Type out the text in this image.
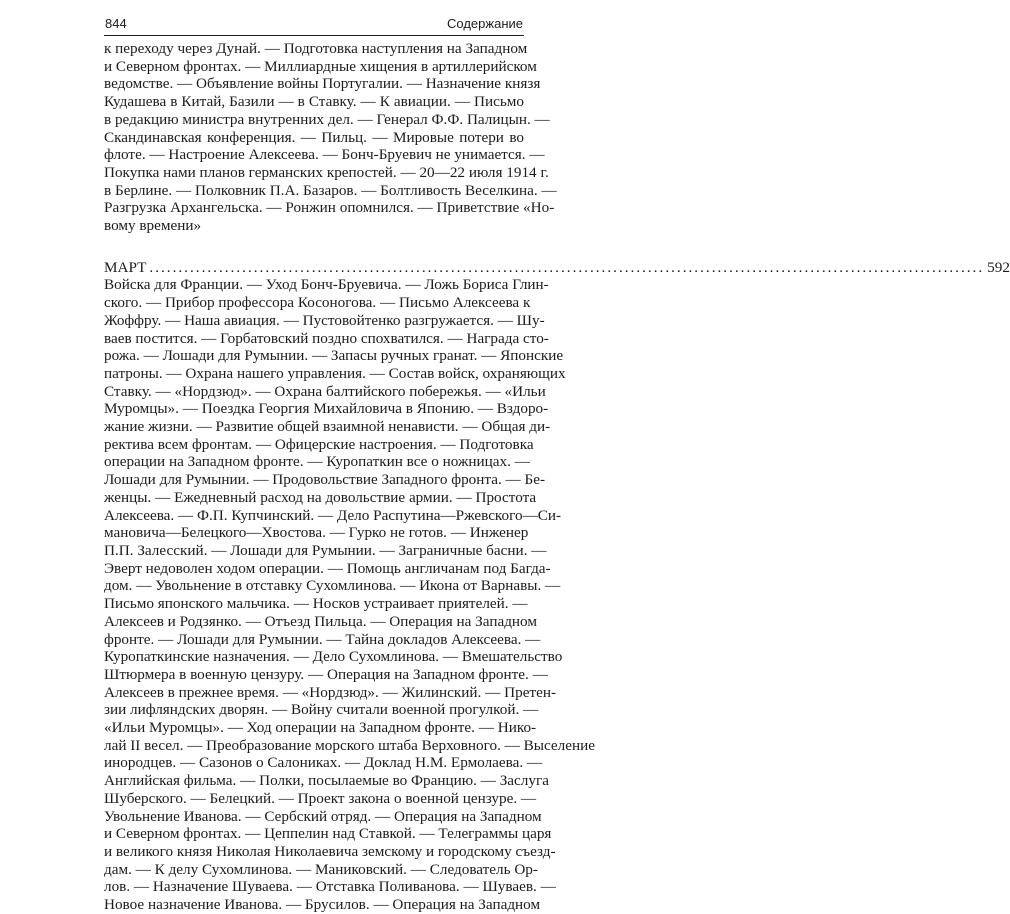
844	Содержание
к переходу через Дунай. — Подготовка наступления на Западном
и Северном фронтах. — Миллиардные хищения в артиллерийском
ведомстве. — Объявление войны Португалии. — Назначение князя
Кудашева в Китай, Базили — в Ставку. — К авиации. — Письмо
в редакцию министра внутренних дел. — Генерал Ф.Ф. Палицын. —
Скандинавская конференция. — Пильц. — Мировые потери во
флоте. — Настроение Алексеева. — Бонч-Бруевич не унимается. —
Покупка нами планов германских крепостей. — 20—22 июля 1914 г.
в Берлине. — Полковник П.А. Базаров. — Болтливость Веселкина. —
Разгрузка Архангельска. — Ронжин опомнился. — Приветствие «Но-
вому времени»
МАРТ ................................................................................................................................................ 592
Войска для Франции. — Уход Бонч-Бруевича. — Ложь Бориса Глин-
ского. — Прибор профессора Косоногова. — Письмо Алексеева к
Жоффру. — Наша авиация. — Пустовойтенко разгружается. — Шу-
ваев постится. — Горбатовский поздно спохватился. — Награда сто-
рожа. — Лошади для Румынии. — Запасы ручных гранат. — Японские
патроны. — Охрана нашего управления. — Состав войск, охраняющих
Ставку. — «Нордзюд». — Охрана балтийского побережья. — «Ильи
Муромцы». — Поездка Георгия Михайловича в Японию. — Вздоро-
жание жизни. — Развитие общей взаимной ненависти. — Общая ди-
ректива всем фронтам. — Офицерские настроения. — Подготовка
операции на Западном фронте. — Куропаткин все о ножницах. —
Лошади для Румынии. — Продовольствие Западного фронта. — Бе-
женцы. — Ежедневный расход на довольствие армии. — Простота
Алексеева. — Ф.П. Купчинский. — Дело Распутина—Ржевского—Си-
мановича—Белецкого—Хвостова. — Гурко не готов. — Инженер
П.П. Залесский. — Лошади для Румынии. — Заграничные басни. —
Эверт недоволен ходом операции. — Помощь англичанам под Багда-
дом. — Увольнение в отставку Сухомлинова. — Икона от Варнавы. —
Письмо японского мальчика. — Носков устраивает приятелей. —
Алексеев и Родзянко. — Отъезд Пильца. — Операция на Западном
фронте. — Лошади для Румынии. — Тайна докладов Алексеева. —
Куропаткинские назначения. — Дело Сухомлинова. — Вмешательство
Штюрмера в военную цензуру. — Операция на Западном фронте. —
Алексеев в прежнее время. — «Нордзюд». — Жилинский. — Претен-
зии лифляндских дворян. — Войну считали военной прогулкой. —
«Ильи Муромцы». — Ход операции на Западном фронте. — Нико-
лай II весел. — Преобразование морского штаба Верховного. — Выселение
инородцев. — Сазонов о Салониках. — Доклад Н.М. Ермолаева. —
Английская фильма. — Полки, посылаемые во Францию. — Заслуга
Шуберского. — Белецкий. — Проект закона о военной цензуре. —
Увольнение Иванова. — Сербский отряд. — Операция на Западном
и Северном фронтах. — Цеппелин над Ставкой. — Телеграммы царя
и великого князя Николая Николаевича земскому и городскому съезд-
дам. — К делу Сухомлинова. — Маниковский. — Следователь Ор-
лов. — Назначение Шуваева. — Отставка Поливанова. — Шуваев. —
Новое назначение Иванова. — Брусилов. — Операция на Западном
